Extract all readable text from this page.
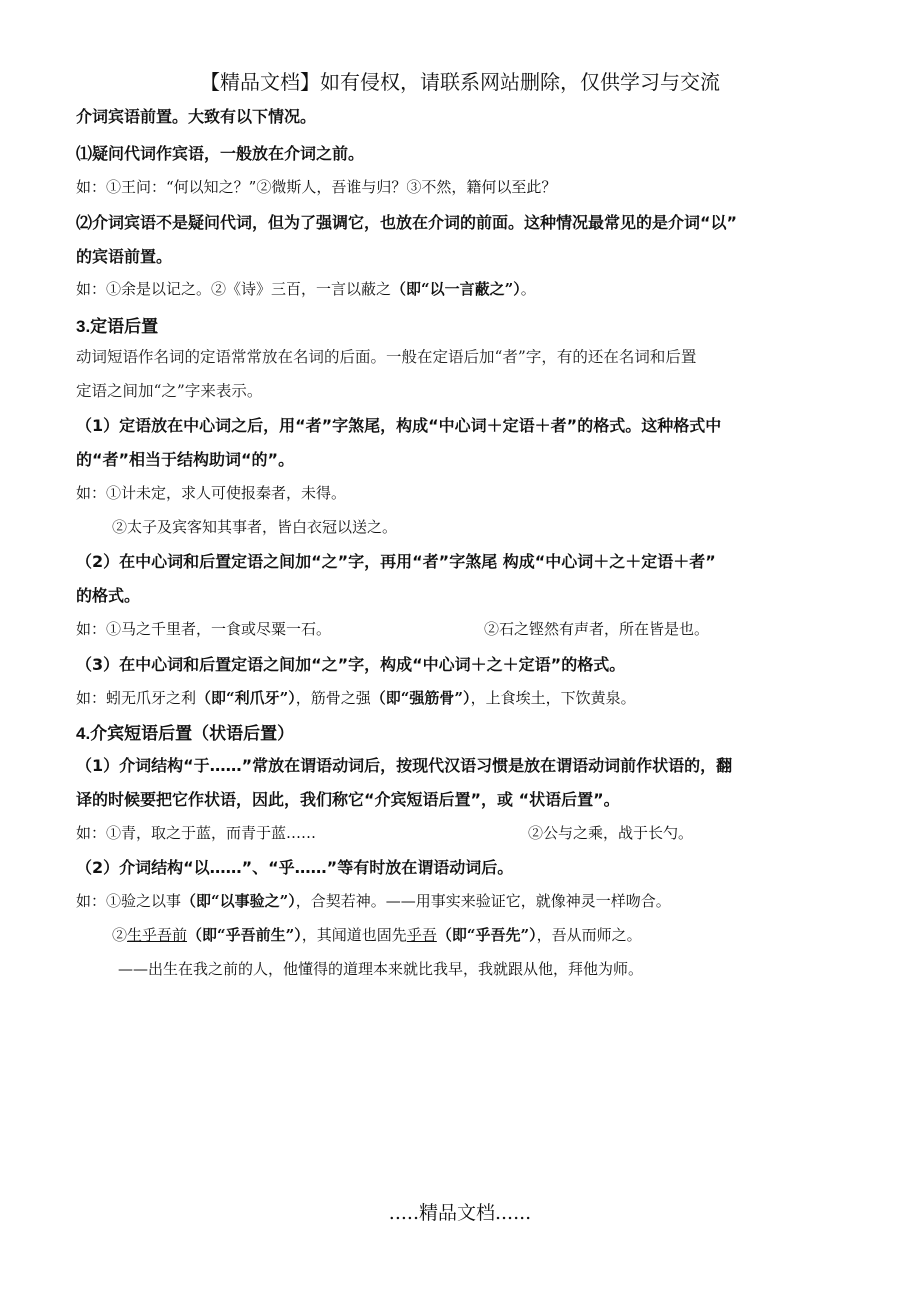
【精品文档】如有侵权，请联系网站删除，仅供学习与交流
介词宾语前置。大致有以下情况。
⑴疑问代词作宾语，一般放在介词之前。
如：①王问：“何以知之？”②微斯人，吾谁与归？③不然，籍何以至此？
⑵介词宾语不是疑问代词，但为了强调它，也放在介词的前面。这种情况最常见的是介词“以”
的宾语前置。
如：①余是以记之。②《诗》三百，一言以蔽之（即“以一言蔽之”）。
3.定语后置
动词短语作名词的定语常常放在名词的后面。一般在定语后加“者”字，有的还在名词和后置
定语之间加“之”字来表示。
（1）定语放在中心词之后，用“者”字煞尾，构成“中心词＋定语＋者”的格式。这种格式中
的“者”相当于结构助词“的”。
如：①计未定，求人可使报秦者，未得。
②太子及宾客知其事者，皆白衣冠以送之。
（2）在中心词和后置定语之间加“之”字，再用“者”字煞尾 构成“中心词＋之＋定语＋者”
的格式。
如：①马之千里者，一食或尽粟一石。	②石之铿然有声者，所在皆是也。
（3）在中心词和后置定语之间加“之”字，构成“中心词＋之＋定语”的格式。
如：蚓无爪牙之利（即“利爪牙”），筋骨之强（即“强筋骨”），上食埃土，下饮黄泉。
4.介宾短语后置（状语后置）
（1）介词结构“于……”常放在谓语动词后，按现代汉语习惯是放在谓语动词前作状语的，翻
译的时候要把它作状语，因此，我们称它“介宾短语后置”，或 “状语后置”。
如：①青，取之于蓝，而青于蓝……	②公与之乘，战于长勺。
（2）介词结构“以……”、“乎……”等有时放在谓语动词后。
如：①验之以事（即“以事验之”），合契若神。——用事实来验证它，就像神灵一样吻合。
②生乎吾前（即“乎吾前生”），其闻道也固先乎吾（即“乎吾先”），吾从而师之。
——出生在我之前的人，他懂得的道理本来就比我早，我就跟从他，拜他为师。
.....精品文档......
